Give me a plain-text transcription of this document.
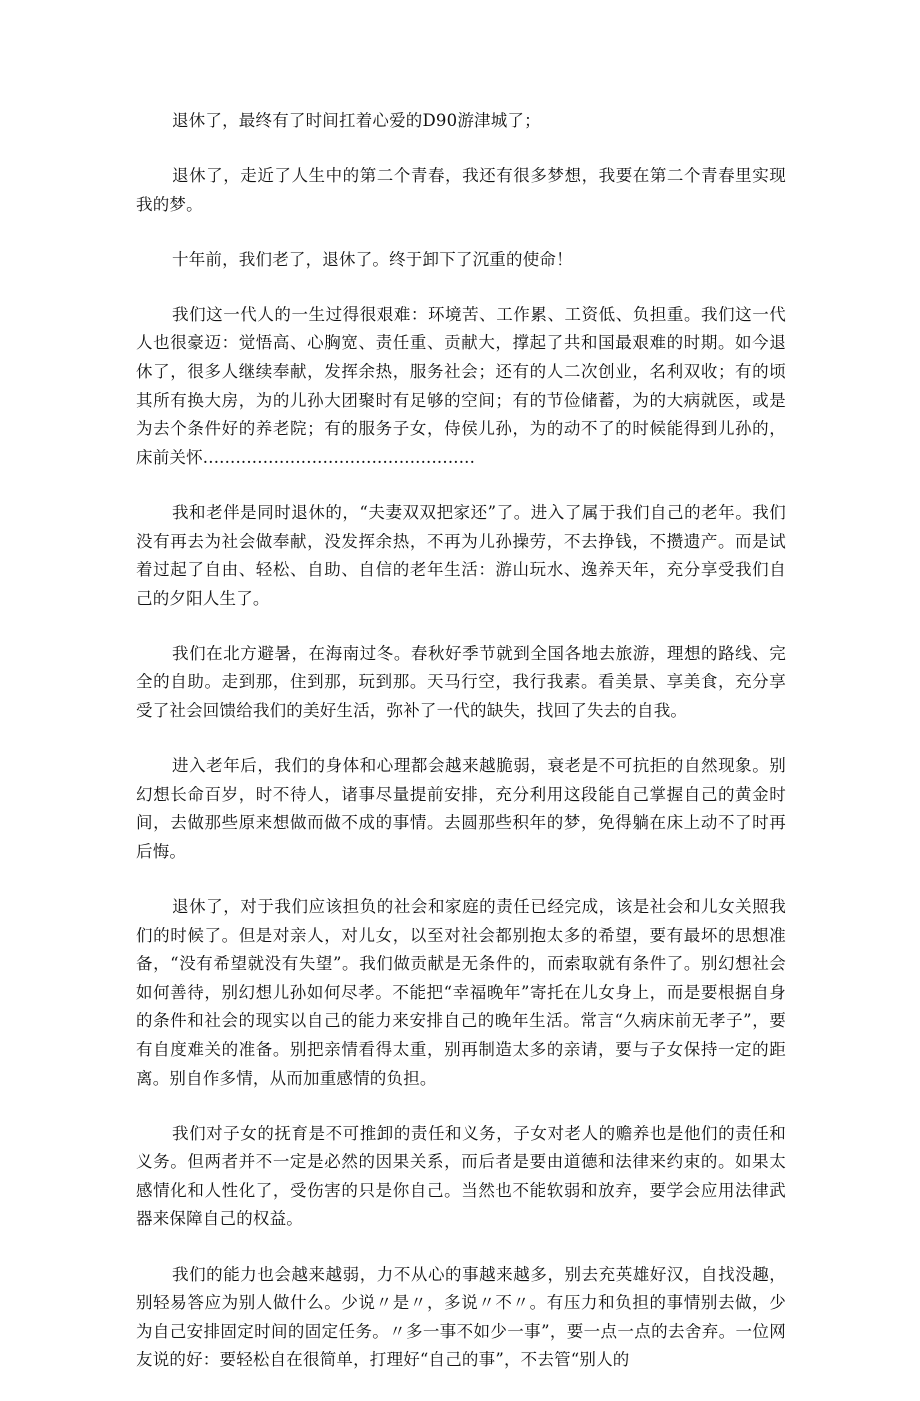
退休了，最终有了时间扛着心爱的D90游津城了；

退休了，走近了人生中的第二个青春，我还有很多梦想，我要在第二个青春里实现我的梦。

十年前，我们老了，退休了。终于卸下了沉重的使命！

我们这一代人的一生过得很艰难：环境苦、工作累、工资低、负担重。我们这一代人也很豪迈：觉悟高、心胸宽、责任重、贡献大，撑起了共和国最艰难的时期。如今退休了，很多人继续奉献，发挥余热，服务社会；还有的人二次创业，名利双收；有的顷其所有换大房，为的儿孙大团聚时有足够的空间；有的节俭储蓄，为的大病就医，或是为去个条件好的养老院；有的服务子女，侍侯儿孙，为的动不了的时候能得到儿孙的，床前关怀..................................................

我和老伴是同时退休的，“夫妻双双把家还”了。进入了属于我们自己的老年。我们没有再去为社会做奉献，没发挥余热，不再为儿孙操劳，不去挣钱，不攒遗产。而是试着过起了自由、轻松、自助、自信的老年生活：游山玩水、逸养天年，充分享受我们自己的夕阳人生了。

我们在北方避暑，在海南过冬。春秋好季节就到全国各地去旅游，理想的路线、完全的自助。走到那，住到那，玩到那。天马行空，我行我素。看美景、享美食，充分享受了社会回馈给我们的美好生活，弥补了一代的缺失，找回了失去的自我。

进入老年后，我们的身体和心理都会越来越脆弱，衰老是不可抗拒的自然现象。别幻想长命百岁，时不待人，诸事尽量提前安排，充分利用这段能自己掌握自己的黄金时间，去做那些原来想做而做不成的事情。去圆那些积年的梦，免得躺在床上动不了时再后悔。

退休了，对于我们应该担负的社会和家庭的责任已经完成，该是社会和儿女关照我们的时候了。但是对亲人，对儿女，以至对社会都别抱太多的希望，要有最坏的思想准备，“没有希望就没有失望”。我们做贡献是无条件的，而索取就有条件了。别幻想社会如何善待，别幻想儿孙如何尽孝。不能把“幸福晚年”寄托在儿女身上，而是要根据自身的条件和社会的现实以自己的能力来安排自己的晚年生活。常言“久病床前无孝子”，要有自度难关的准备。别把亲情看得太重，别再制造太多的亲请，要与子女保持一定的距离。别自作多情，从而加重感情的负担。

我们对子女的抚育是不可推卸的责任和义务，子女对老人的赡养也是他们的责任和义务。但两者并不一定是必然的因果关系，而后者是要由道德和法律来约束的。如果太感情化和人性化了，受伤害的只是你自己。当然也不能软弱和放弃，要学会应用法律武器来保障自己的权益。

我们的能力也会越来越弱，力不从心的事越来越多，别去充英雄好汉，自找没趣，别轻易答应为别人做什么。少说〃是〃，多说〃不〃。有压力和负担的事情别去做，少为自己安排固定时间的固定任务。〃多一事不如少一事”，要一点一点的去舍弃。一位网友说的好：要轻松自在很简单，打理好“自己的事”，不去管“别人的
